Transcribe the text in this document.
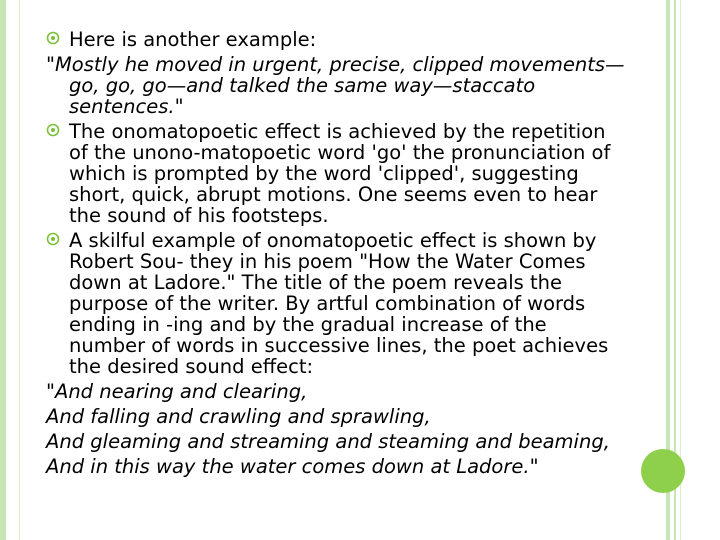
Here is another example:
"Mostly he moved in urgent, precise, clipped movements—go, go, go—and talked the same way—staccato sentences."
The onomatopoetic effect is achieved by the repetition of the unono-matopoetic word 'go' the pronunciation of which is prompted by the word 'clipped', suggesting short, quick, abrupt motions. One seems even to hear the sound of his footsteps.
A skilful example of onomatopoetic effect is shown by Robert Sou- they in his poem "How the Water Comes down at Ladore." The title of the poem reveals the purpose of the writer. By artful combination of words ending in -ing and by the gradual increase of the number of words in successive lines, the poet achieves the desired sound effect:
"And nearing and clearing,
And falling and crawling and sprawling,
And gleaming and streaming and steaming and beaming,
And in this way the water comes down at Ladore."
